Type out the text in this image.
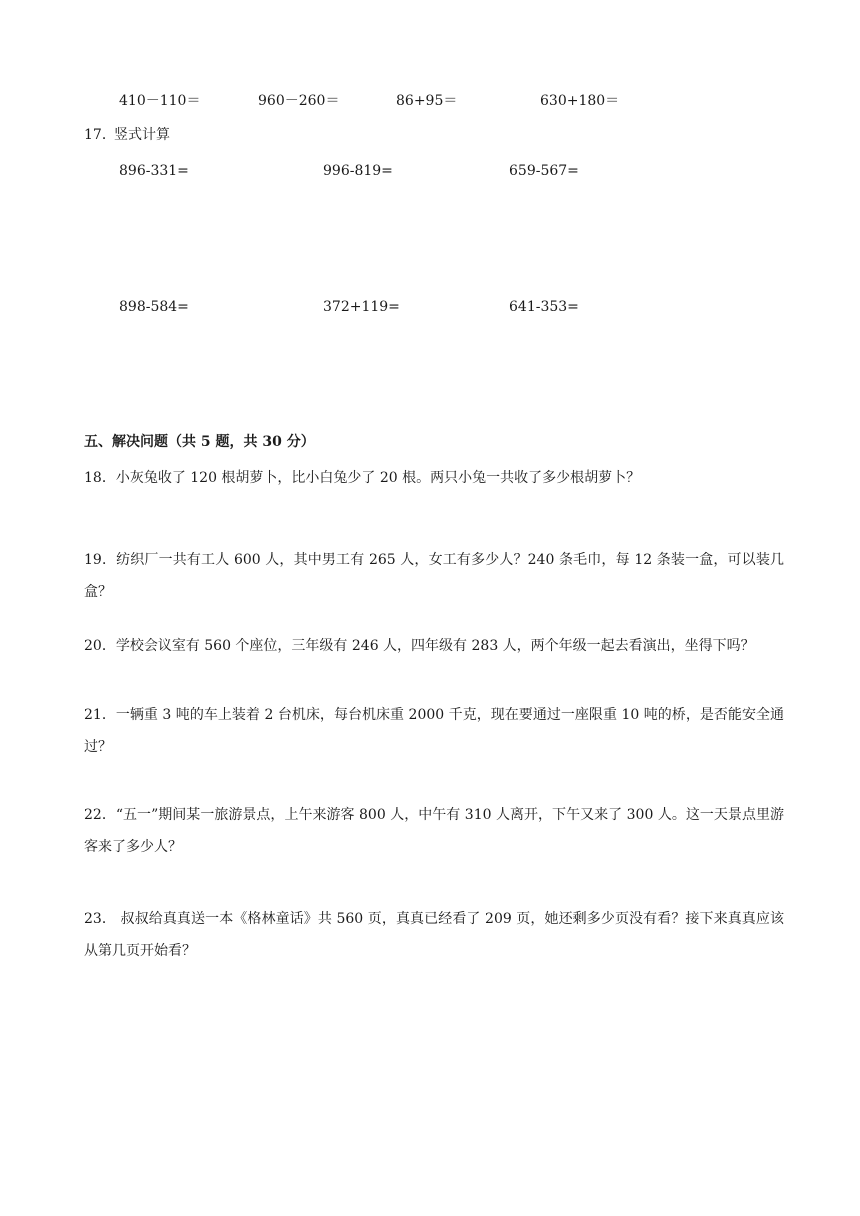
410－110＝	960－260＝	86+95＝	630+180＝
17．
竖式计算
896-331=	996-819=	659-567=
898-584=	372+119=	641-353=
五、解决问题（共 5 题，共 30 分）
18．小灰兔收了 120 根胡萝卜，比小白兔少了 20 根。两只小兔一共收了多少根胡萝卜？
19．纺织厂一共有工人 600 人，其中男工有 265 人，女工有多少人？240 条毛巾，每 12 条装一盒，可以装几盒？
20．学校会议室有 560 个座位，三年级有 246 人，四年级有 283 人，两个年级一起去看演出，坐得下吗？
21．一辆重 3 吨的车上装着 2 台机床，每台机床重 2000 千克，现在要通过一座限重 10 吨的桥，是否能安全通过？
22．“五一”期间某一旅游景点，上午来游客 800 人，中午有 310 人离开，下午又来了 300 人。这一天景点里游客来了多少人？
23． 叔叔给真真送一本《格林童话》共 560 页，真真已经看了 209 页，她还剩多少页没有看？接下来真真应该从第几页开始看？
